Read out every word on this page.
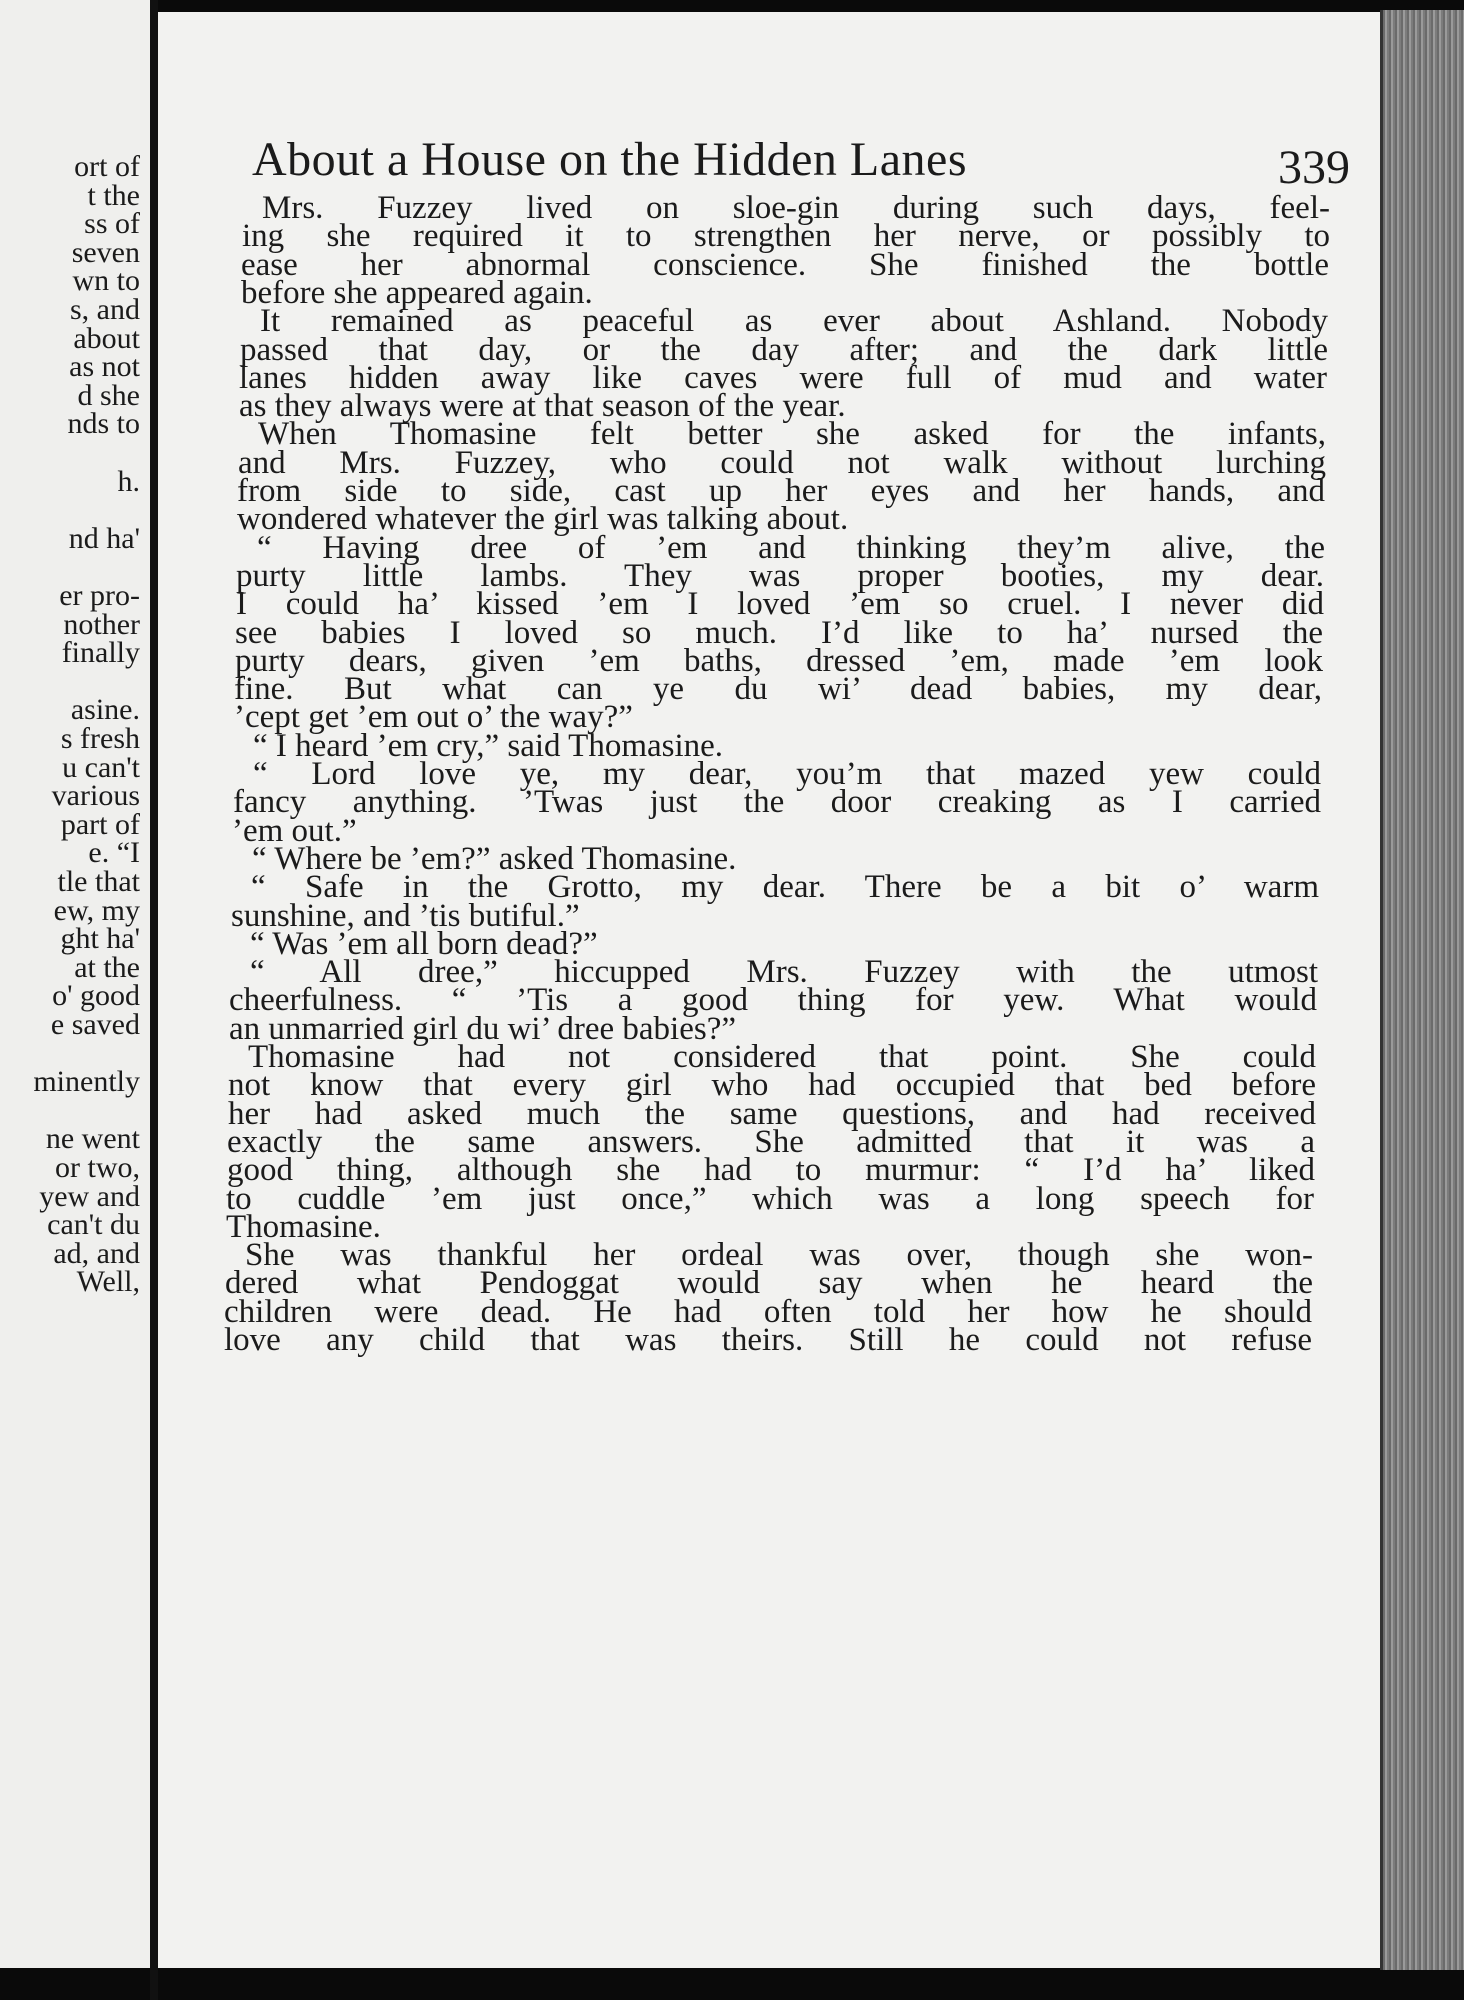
ort of
t the
ss of
seven
wn to
s, and
about
as not
d she
nds to
h.
nd ha'
er pro-
nother
finally
asine.
s fresh
u can't
various
part of
e. “I
tle that
ew, my
ght ha'
at the
o' good
e saved
minently
ne went
or two,
yew and
can't du
ad, and
Well,
About a House on the Hidden Lanes	339
Mrs. Fuzzey lived on sloe-gin during such days, feel-
ing she required it to strengthen her nerve, or possibly to
ease her abnormal conscience. She finished the bottle
before she appeared again.
It remained as peaceful as ever about Ashland. Nobody
passed that day, or the day after; and the dark little
lanes hidden away like caves were full of mud and water
as they always were at that season of the year.
When Thomasine felt better she asked for the infants,
and Mrs. Fuzzey, who could not walk without lurching
from side to side, cast up her eyes and her hands, and
wondered whatever the girl was talking about.
“ Having dree of ’em and thinking they’m alive, the
purty little lambs. They was proper booties, my dear.
I could ha’ kissed ’em I loved ’em so cruel. I never did
see babies I loved so much. I’d like to ha’ nursed the
purty dears, given ’em baths, dressed ’em, made ’em look
fine. But what can ye du wi’ dead babies, my dear,
’cept get ’em out o’ the way?”
“ I heard ’em cry,” said Thomasine.
“ Lord love ye, my dear, you’m that mazed yew could
fancy anything. ’Twas just the door creaking as I carried
’em out.”
“ Where be ’em?” asked Thomasine.
“ Safe in the Grotto, my dear. There be a bit o’ warm
sunshine, and ’tis butiful.”
“ Was ’em all born dead?”
“ All dree,” hiccupped Mrs. Fuzzey with the utmost
cheerfulness. “ ’Tis a good thing for yew. What would
an unmarried girl du wi’ dree babies?”
Thomasine had not considered that point. She could
not know that every girl who had occupied that bed before
her had asked much the same questions, and had received
exactly the same answers. She admitted that it was a
good thing, although she had to murmur: “ I’d ha’ liked
to cuddle ’em just once,” which was a long speech for
Thomasine.
She was thankful her ordeal was over, though she won-
dered what Pendoggat would say when he heard the
children were dead. He had often told her how he should
love any child that was theirs. Still he could not refuse
